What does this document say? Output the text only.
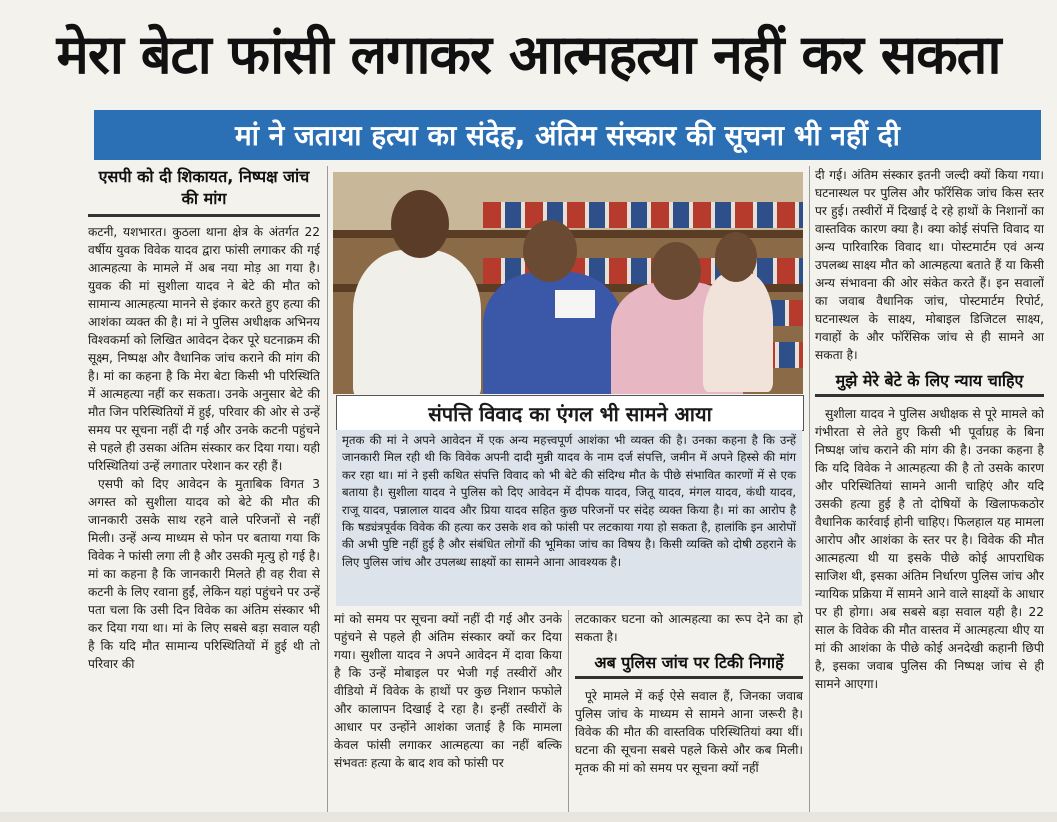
मेरा बेटा फांसी लगाकर आत्महत्या नहीं कर सकता
मां ने जताया हत्या का संदेह, अंतिम संस्कार की सूचना भी नहीं दी
एसपी को दी शिकायत, निष्पक्ष जांच की मांग

कटनी, यशभारत। कुठला थाना क्षेत्र के अंतर्गत 22 वर्षीय युवक विवेक यादव द्वारा फांसी लगाकर की गई आत्महत्या के मामले में अब नया मोड़ आ गया है। युवक की मां सुशीला यादव ने बेटे की मौत को सामान्य आत्महत्या मानने से इंकार करते हुए हत्या की आशंका व्यक्त की है। मां ने पुलिस अधीक्षक अभिनय विश्वकर्मा को लिखित आवेदन देकर पूरे घटनाक्रम की सूक्ष्म, निष्पक्ष और वैधानिक जांच कराने की मांग की है। मां का कहना है कि मेरा बेटा किसी भी परिस्थिति में आत्महत्या नहीं कर सकता। उनके अनुसार बेटे की मौत जिन परिस्थितियों में हुई, परिवार की ओर से उन्हें समय पर सूचना नहीं दी गई और उनके कटनी पहुंचने से पहले ही उसका अंतिम संस्कार कर दिया गया। यही परिस्थितियां उन्हें लगातार परेशान कर रही हैं।

एसपी को दिए आवेदन के मुताबिक विगत 3 अगस्त को सुशीला यादव को बेटे की मौत की जानकारी उसके साथ रहने वाले परिजनों से नहीं मिली। उन्हें अन्य माध्यम से फोन पर बताया गया कि विवेक ने फांसी लगा ली है और उसकी मृत्यु हो गई है। मां का कहना है कि जानकारी मिलते ही वह रीवा से कटनी के लिए रवाना हुईं, लेकिन यहां पहुंचने पर उन्हें पता चला कि उसी दिन विवेक का अंतिम संस्कार भी कर दिया गया था। मां के लिए सबसे बड़ा सवाल यही है कि यदि मौत सामान्य परिस्थितियों में हुई थी तो परिवार की

संपत्ति विवाद का एंगल भी सामने आया
मृतक की मां ने अपने आवेदन में एक अन्य महत्त्वपूर्ण आशंका भी व्यक्त की है। उनका कहना है कि उन्हें जानकारी मिल रही थी कि विवेक अपनी दादी मुन्नी यादव के नाम दर्ज संपत्ति, जमीन में अपने हिस्से की मांग कर रहा था। मां ने इसी कथित संपत्ति विवाद को भी बेटे की संदिग्ध मौत के पीछे संभावित कारणों में से एक बताया है। सुशीला यादव ने पुलिस को दिए आवेदन में दीपक यादव, जितू यादव, मंगल यादव, कंधी यादव, राजू यादव, पन्नालाल यादव और प्रिया यादव सहित कुछ परिजनों पर संदेह व्यक्त किया है। मां का आरोप है कि षड्यंत्रपूर्वक विवेक की हत्या कर उसके शव को फांसी पर लटकाया गया हो सकता है, हालांकि इन आरोपों की अभी पुष्टि नहीं हुई है और संबंधित लोगों की भूमिका जांच का विषय है। किसी व्यक्ति को दोषी ठहराने के लिए पुलिस जांच और उपलब्ध साक्ष्यों का सामने आना आवश्यक है।

मां को समय पर सूचना क्यों नहीं दी गई और उनके पहुंचने से पहले ही अंतिम संस्कार क्यों कर दिया गया। सुशीला यादव ने अपने आवेदन में दावा किया है कि उन्हें मोबाइल पर भेजी गई तस्वीरों और वीडियो में विवेक के हाथों पर कुछ निशान फफोले और कालापन दिखाई दे रहा है। इन्हीं तस्वीरों के आधार पर उन्होंने आशंका जताई है कि मामला केवल फांसी लगाकर आत्महत्या का नहीं बल्कि संभवतः हत्या के बाद शव को फांसी पर

लटकाकर घटना को आत्महत्या का रूप देने का हो सकता है।

अब पुलिस जांच पर टिकी निगाहें

पूरे मामले में कई ऐसे सवाल हैं, जिनका जवाब पुलिस जांच के माध्यम से सामने आना जरूरी है। विवेक की मौत की वास्तविक परिस्थितियां क्या थीं। घटना की सूचना सबसे पहले किसे और कब मिली। मृतक की मां को समय पर सूचना क्यों नहीं

दी गई। अंतिम संस्कार इतनी जल्दी क्यों किया गया। घटनास्थल पर पुलिस और फॉरेंसिक जांच किस स्तर पर हुई। तस्वीरों में दिखाई दे रहे हाथों के निशानों का वास्तविक कारण क्या है। क्या कोई संपत्ति विवाद या अन्य पारिवारिक विवाद था। पोस्टमार्टम एवं अन्य उपलब्ध साक्ष्य मौत को आत्महत्या बताते हैं या किसी अन्य संभावना की ओर संकेत करते हैं। इन सवालों का जवाब वैधानिक जांच, पोस्टमार्टम रिपोर्ट, घटनास्थल के साक्ष्य, मोबाइल डिजिटल साक्ष्य, गवाहों के और फॉरेंसिक जांच से ही सामने आ सकता है।

मुझे मेरे बेटे के लिए न्याय चाहिए

सुशीला यादव ने पुलिस अधीक्षक से पूरे मामले को गंभीरता से लेते हुए किसी भी पूर्वाग्रह के बिना निष्पक्ष जांच कराने की मांग की है। उनका कहना है कि यदि विवेक ने आत्महत्या की है तो उसके कारण और परिस्थितियां सामने आनी चाहिएं और यदि उसकी हत्या हुई है तो दोषियों के खिलाफकठोर वैधानिक कार्रवाई होनी चाहिए। फिलहाल यह मामला आरोप और आशंका के स्तर पर है। विवेक की मौत आत्महत्या थी या इसके पीछे कोई आपराधिक साजिश थी, इसका अंतिम निर्धारण पुलिस जांच और न्यायिक प्रक्रिया में सामने आने वाले साक्ष्यों के आधार पर ही होगा। अब सबसे बड़ा सवाल यही है। 22 साल के विवेक की मौत वास्तव में आत्महत्या थीए या मां की आशंका के पीछे कोई अनदेखी कहानी छिपी है, इसका जवाब पुलिस की निष्पक्ष जांच से ही सामने आएगा।
